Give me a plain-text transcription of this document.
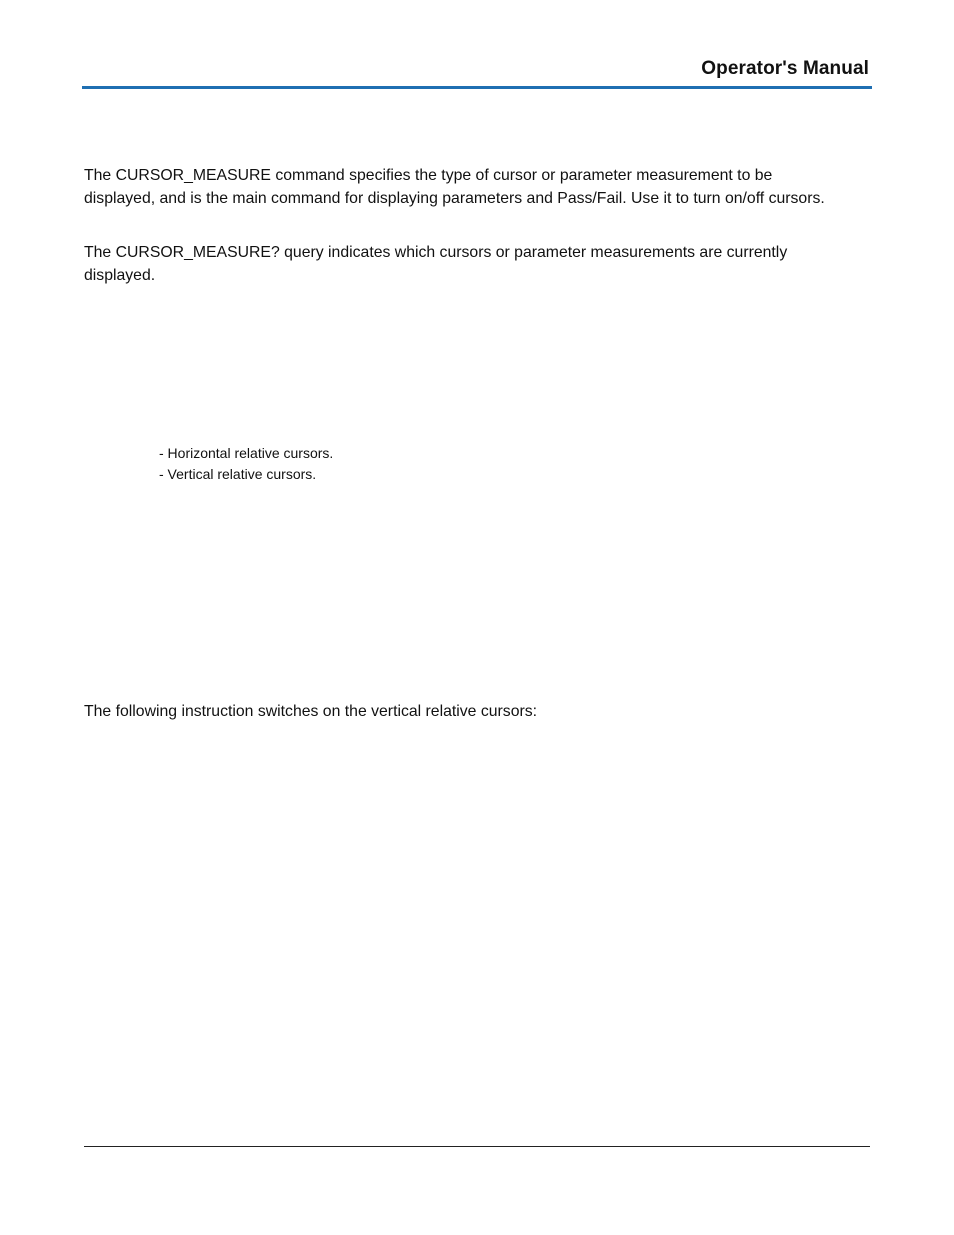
Operator's Manual

The CURSOR_MEASURE command specifies the type of cursor or parameter measurement to be displayed, and is the main command for displaying parameters and Pass/Fail. Use it to turn on/off cursors.

The CURSOR_MEASURE? query indicates which cursors or parameter measurements are currently displayed.

- Horizontal relative cursors.

- Vertical relative cursors.

The following instruction switches on the vertical relative cursors:
